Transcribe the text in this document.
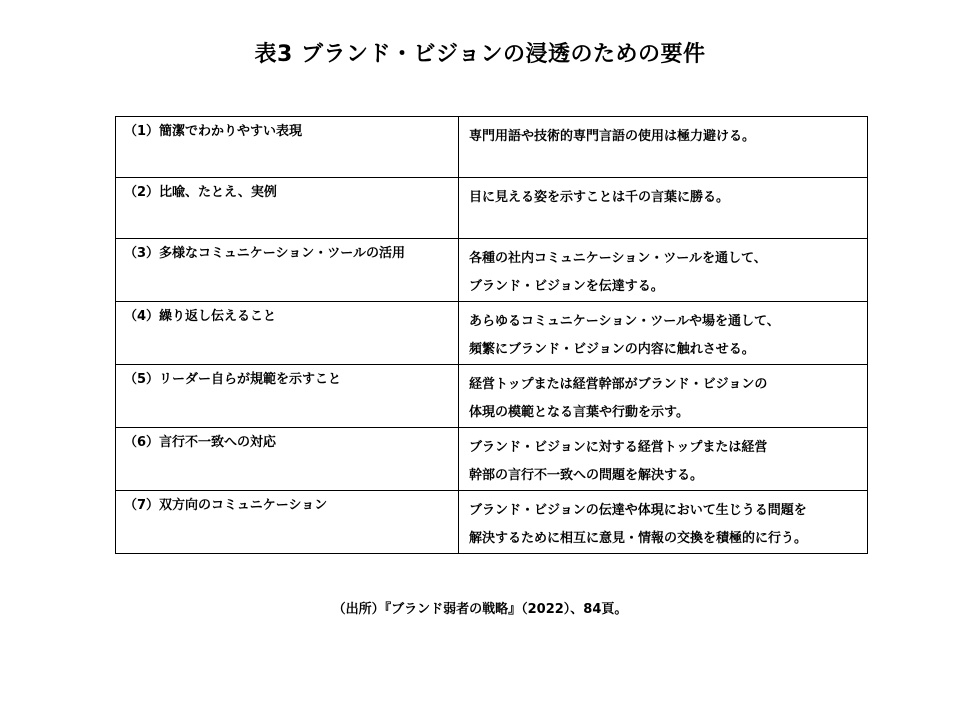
表3 ブランド・ビジョンの浸透のための要件
（1）簡潔でわかりやすい表現	専門用語や技術的専門言語の使用は極力避ける。

（2）比喩、たとえ、実例	目に見える姿を示すことは千の言葉に勝る。

（3）多様なコミュニケーション・ツールの活用	各種の社内コミュニケーション・ツールを通して、
ブランド・ビジョンを伝達する。

（4）繰り返し伝えること	あらゆるコミュニケーション・ツールや場を通して、
頻繁にブランド・ビジョンの内容に触れさせる。

（5）リーダー自らが規範を示すこと	経営トップまたは経営幹部がブランド・ビジョンの
体現の模範となる言葉や行動を示す。

（6）言行不一致への対応	ブランド・ビジョンに対する経営トップまたは経営
幹部の言行不一致への問題を解決する。

（7）双方向のコミュニケーション	ブランド・ビジョンの伝達や体現において生じうる問題を
解決するために相互に意見・情報の交換を積極的に行う。
（出所）『ブランド弱者の戦略』（2022）、84頁。
